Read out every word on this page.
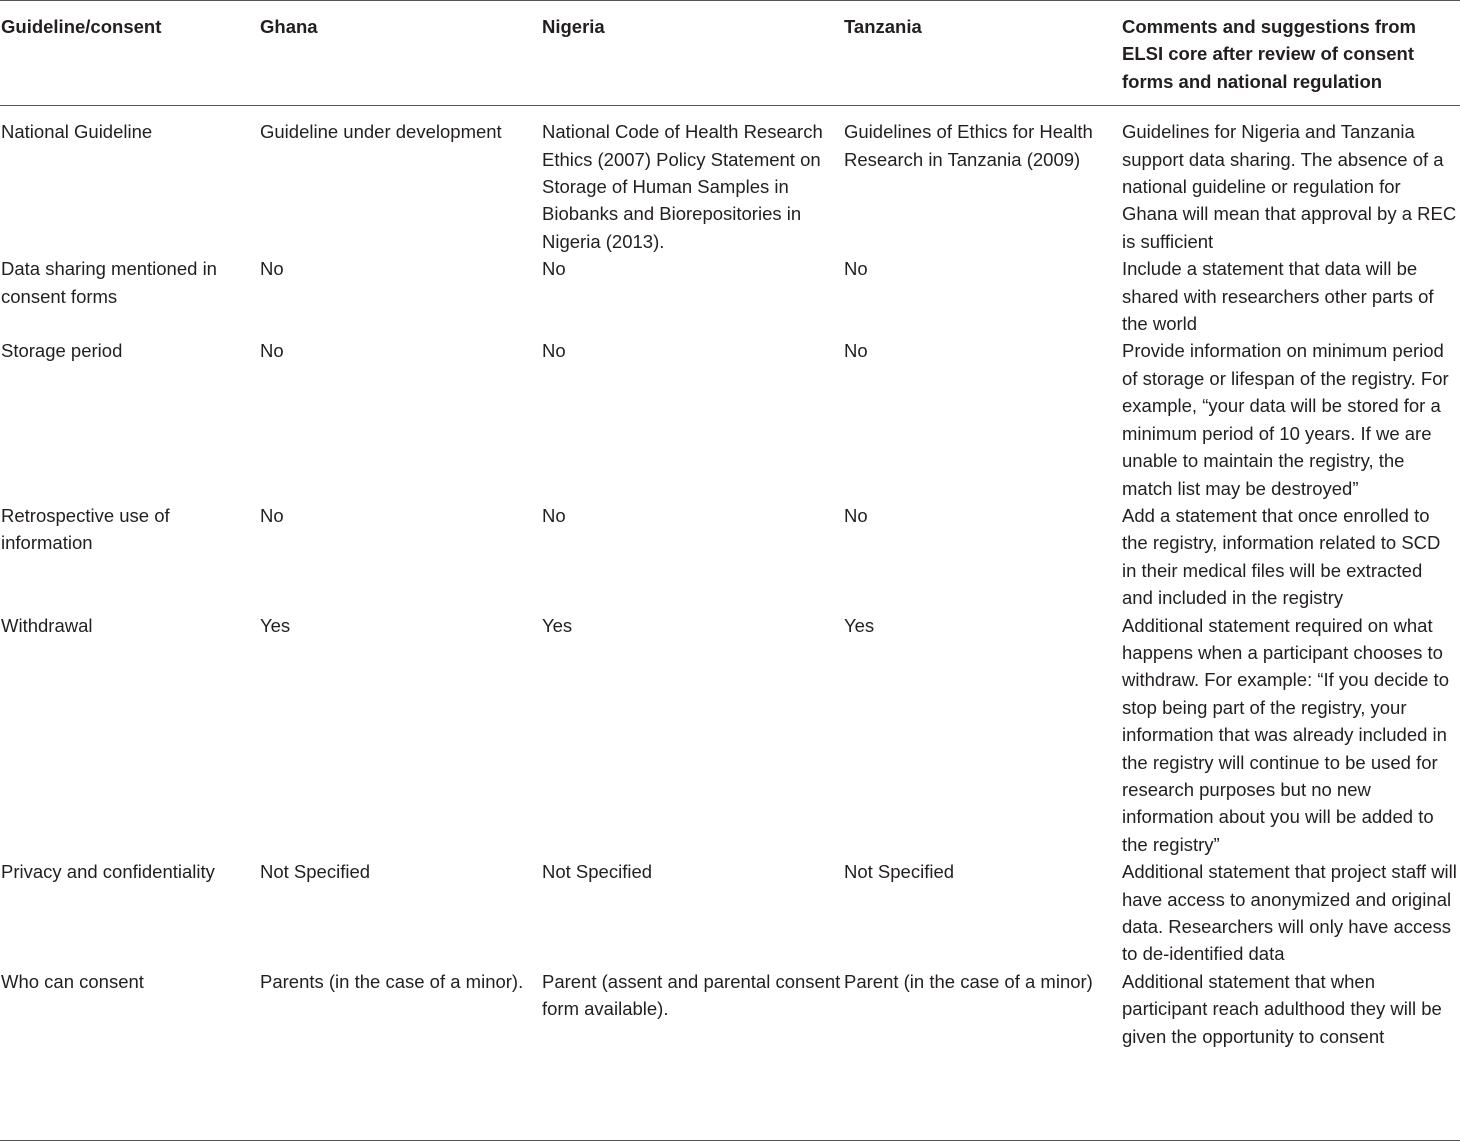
Guideline/consent	Ghana	Nigeria	Tanzania	Comments and suggestions from ELSI core after review of consent forms and national regulation
National Guideline	Guideline under development	National Code of Health Research Ethics (2007) Policy Statement on Storage of Human Samples in Biobanks and Biorepositories in Nigeria (2013).	Guidelines of Ethics for Health Research in Tanzania (2009)	Guidelines for Nigeria and Tanzania support data sharing. The absence of a national guideline or regulation for Ghana will mean that approval by a REC is sufficient
Data sharing mentioned in consent forms	No	No	No	Include a statement that data will be shared with researchers other parts of the world
Storage period	No	No	No	Provide information on minimum period of storage or lifespan of the registry. For example, “your data will be stored for a minimum period of 10 years. If we are unable to maintain the registry, the match list may be destroyed”
Retrospective use of information	No	No	No	Add a statement that once enrolled to the registry, information related to SCD in their medical files will be extracted and included in the registry
Withdrawal	Yes	Yes	Yes	Additional statement required on what happens when a participant chooses to withdraw. For example: “If you decide to stop being part of the registry, your information that was already included in the registry will continue to be used for research purposes but no new information about you will be added to the registry”
Privacy and confidentiality	Not Specified	Not Specified	Not Specified	Additional statement that project staff will have access to anonymized and original data. Researchers will only have access to de-identified data
Who can consent	Parents (in the case of a minor).	Parent (assent and parental consent form available).	Parent (in the case of a minor)	Additional statement that when participant reach adulthood they will be given the opportunity to consent
